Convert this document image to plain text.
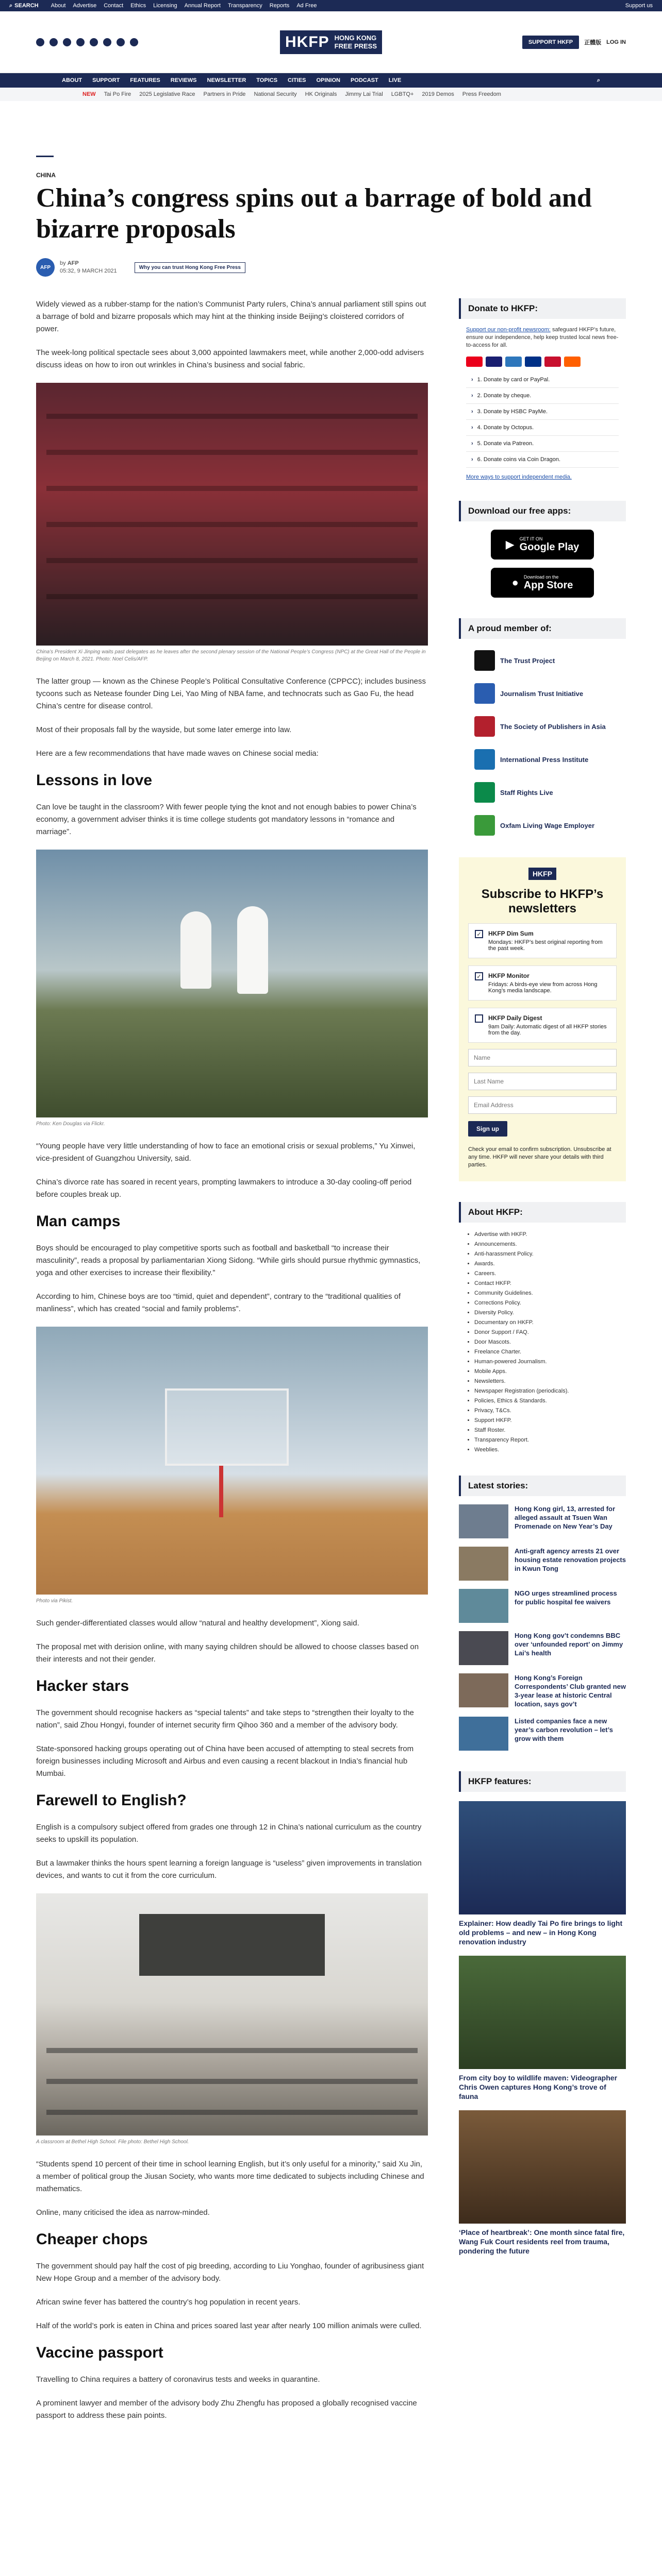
⌕ SEARCH About Advertise Contact Ethics Licensing Annual Report Transparency Reports Ad Free	Support us
HKFP HONG KONG
FREE PRESS	SUPPORT HKFP	正體版 LOG IN
ABOUT SUPPORT FEATURES REVIEWS NEWSLETTER TOPICS CITIES OPINION PODCAST LIVE	⌕
NEW Tai Po Fire 2025 Legislative Race Partners in Pride National Security HK Originals Jimmy Lai Trial LGBTQ+ 2019 Demos Press Freedom
CHINA
China’s congress spins out a barrage of bold and bizarre proposals
AFP
by AFP
05:32, 9 MARCH 2021
Why you can trust Hong Kong Free Press

Widely viewed as a rubber-stamp for the nation’s Communist Party rulers, China’s annual parliament still spins out a barrage of bold and bizarre proposals which may hint at the thinking inside Beijing’s cloistered corridors of power.

The week-long political spectacle sees about 3,000 appointed lawmakers meet, while another 2,000-odd advisers discuss ideas on how to iron out wrinkles in China’s business and social fabric.

China’s President Xi Jinping waits past delegates as he leaves after the second plenary session of the National People’s Congress (NPC) at the Great Hall of the People in Beijing on March 8, 2021. Photo: Noel Celis/AFP.

The latter group — known as the Chinese People’s Political Consultative Conference (CPPCC); includes business tycoons such as Netease founder Ding Lei, Yao Ming of NBA fame, and technocrats such as Gao Fu, the head China’s centre for disease control.

Most of their proposals fall by the wayside, but some later emerge into law.

Here are a few recommendations that have made waves on Chinese social media:

Lessons in love

Can love be taught in the classroom? With fewer people tying the knot and not enough babies to power China’s economy, a government adviser thinks it is time college students got mandatory lessons in “romance and marriage”.

Photo: Ken Douglas via Flickr.

“Young people have very little understanding of how to face an emotional crisis or sexual problems,” Yu Xinwei, vice-president of Guangzhou University, said.

China’s divorce rate has soared in recent years, prompting lawmakers to introduce a 30-day cooling-off period before couples break up.

Man camps

Boys should be encouraged to play competitive sports such as football and basketball “to increase their masculinity”, reads a proposal by parliamentarian Xiong Sidong. “While girls should pursue rhythmic gymnastics, yoga and other exercises to increase their flexibility.”

According to him, Chinese boys are too “timid, quiet and dependent”, contrary to the “traditional qualities of manliness”, which has created “social and family problems”.

Photo via Pikist.

Such gender-differentiated classes would allow “natural and healthy development”, Xiong said.

The proposal met with derision online, with many saying children should be allowed to choose classes based on their interests and not their gender.

Hacker stars

The government should recognise hackers as “special talents” and take steps to “strengthen their loyalty to the nation”, said Zhou Hongyi, founder of internet security firm Qihoo 360 and a member of the advisory body.

State-sponsored hacking groups operating out of China have been accused of attempting to steal secrets from foreign businesses including Microsoft and Airbus and even causing a recent blackout in India’s financial hub Mumbai.

Farewell to English?

English is a compulsory subject offered from grades one through 12 in China’s national curriculum as the country seeks to upskill its population.

But a lawmaker thinks the hours spent learning a foreign language is “useless” given improvements in translation devices, and wants to cut it from the core curriculum.

A classroom at Bethel High School. File photo: Bethel High School.

“Students spend 10 percent of their time in school learning English, but it’s only useful for a minority,” said Xu Jin, a member of political group the Jiusan Society, who wants more time dedicated to subjects including Chinese and mathematics.

Online, many criticised the idea as narrow-minded.

Cheaper chops

The government should pay half the cost of pig breeding, according to Liu Yonghao, founder of agribusiness giant New Hope Group and a member of the advisory body.

African swine fever has battered the country’s hog population in recent years.

Half of the world’s pork is eaten in China and prices soared last year after nearly 100 million animals were culled.

Vaccine passport

Travelling to China requires a battery of coronavirus tests and weeks in quarantine.

A prominent lawyer and member of the advisory body Zhu Zhengfu has proposed a globally recognised vaccine passport to address these pain points.

Donate to HKFP:
Support our non-profit newsroom: safeguard HKFP’s future, ensure our independence, help keep trusted local news free-to-access for all.
› 1. Donate by card or PayPal.
› 2. Donate by cheque.
› 3. Donate by HSBC PayMe.
› 4. Donate by Octopus.
› 5. Donate via Patreon.
› 6. Donate coins via Coin Dragon.
More ways to support independent media.
Download our free apps:
▶ GET IT ON
Google Play
● Download on the
App Store
A proud member of:
The Trust Project
Journalism Trust Initiative
The Society of Publishers in Asia
International Press Institute
Staff Rights Live
Oxfam Living Wage Employer
HKFP
Subscribe to HKFP’s newsletters
✓ HKFP Dim Sum
Mondays: HKFP’s best original reporting from the past week.
✓ HKFP Monitor
Fridays: A birds-eye view from across Hong Kong’s media landscape.
HKFP Daily Digest
9am Daily: Automatic digest of all HKFP stories from the day.
Name
Last Name
Email Address Sign up
Check your email to confirm subscription. Unsubscribe at any time. HKFP will never share your details with third parties.
About HKFP:
• Advertise with HKFP.
• Announcements.
• Anti-harassment Policy.
• Awards.
• Careers.
• Contact HKFP.
• Community Guidelines.
• Corrections Policy.
• Diversity Policy.
• Documentary on HKFP.
• Donor Support / FAQ.
• Door Mascots.
• Freelance Charter.
• Human-powered Journalism.
• Mobile Apps.
• Newsletters.
• Newspaper Registration (periodicals).
• Policies, Ethics & Standards.
• Privacy, T&Cs.
• Support HKFP.
• Staff Roster.
• Transparency Report.
• Weeblies.
Latest stories:
Hong Kong girl, 13, arrested for alleged assault at Tsuen Wan Promenade on New Year’s Day
Anti-graft agency arrests 21 over housing estate renovation projects in Kwun Tong
NGO urges streamlined process for public hospital fee waivers
Hong Kong gov’t condemns BBC over ‘unfounded report’ on Jimmy Lai’s health
Hong Kong’s Foreign Correspondents’ Club granted new 3-year lease at historic Central location, says gov’t
Listed companies face a new year’s carbon revolution – let’s grow with them
HKFP features:
Explainer: How deadly Tai Po fire brings to light old problems – and new – in Hong Kong renovation industry
From city boy to wildlife maven: Videographer Chris Owen captures Hong Kong’s trove of fauna
‘Place of heartbreak’: One month since fatal fire, Wang Fuk Court residents reel from trauma, pondering the future
